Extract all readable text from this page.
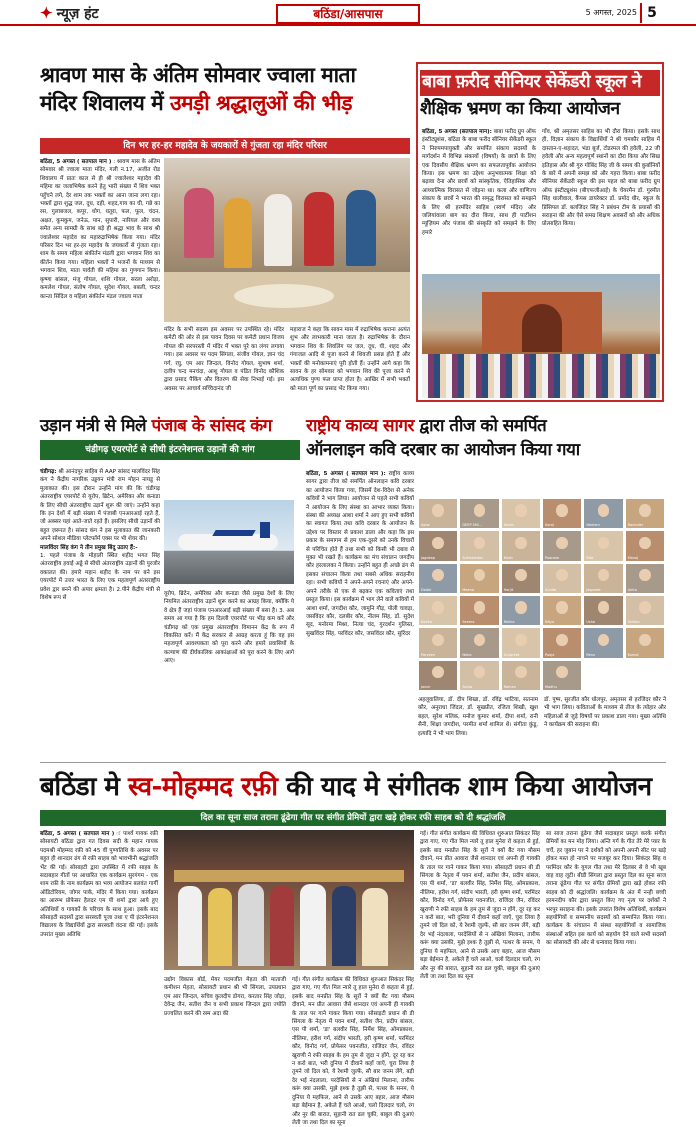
✦ न्यूज़ हंट	बठिंडा/आसपास	5 अगस्त, 2025 5
श्रावण मास के अंतिम सोमवार ज्वाला माता
मंदिर शिवालय में उमड़ी श्रद्धालुओं की भीड़
दिन भर हर-हर महादेव के जयकारों से गुंजता रहा मंदिर परिसर
बठिंडा, 5 अगस्त ( सतपाल मान ) : श्रावण मास के अंतिम सोमवार श्री ज्वाला माता मंदिर, गली न.17, अजीत रोड शिवालय में प्रातः काल से ही श्री ज्वालेश्वर महादेव की महिमा का जलाभिषेक करने हेतु भारी संख्या में शिव भक्त पहुँचने लगे, देर शाम तक भक्तों का आना जाना लगा रहा। भक्तों द्वारा शुद्ध जल, दूध, दही, शहद,गाय का घी, गन्ने का रस, गुलाबजल, कपूर, धोग, धतूरा, फल, फूल, चंदन, अक्षत, कुमकुम, जनेऊ, पान, सुपारी, नारियल और वस्त्र समेत अन्य सामग्री के साथ बड़े ही श्रद्धा भाव के साथ श्री ज्वालेश्वर महादेव का महारुद्राभिषेक किया गया। मंदिर परिसर दिन भर हर-हर महादेव के जयकारों से गुंजता रहा। शाम के समय महिला संकीर्तन मंडली द्वारा भगवान शिव का कीर्तन किया गया। महिला भक्तों ने भजनों के माध्यम से भगवान शिव, माता पार्वती की महिमा का गुणगान किया। कृष्णा बांसल, मंजु गोयल, शशि गोयल, सरला अरोड़ा, कमलेश गोयल, संतोष गोयल, सुदेश गोयल, बबली, चन्दर कान्ता सिंदिल व महिला संकीर्तन मंडल ज्वाला माता
मंदिर के सभी सदस्य इस अवसर पर उपस्थित रहे। मंदिर कमेटी की ओर से इस पावन दिवस पर कमेटी प्रधान विजय गोयल की सरपरस्ती में मंदिर में भक्त पूरे का लंगर लगाया गया। इस अवसर पर पदम सिंगला, संजीव गोयल, ज्ञान चंद गर्ग, रघु, एम आर जिन्दल, विनोद गोयल, सुभाष शर्मा, दलीप चन्द मनचंदा, आशु गोयल व पंडित विनोद कौशिक द्वारा प्रसाद पैकिंग और वितरण की सेवा निभाई गई। इस अवसर पर आचार्य सच्चिदानंद जी
महाराज ने कहा कि सावन मास में रुद्राभिषेक कराना अत्यंत शुभ और लाभकारी माना जाता है। रुद्राभिषेक के दौरान भगवान शिव के शिवलिंग पर जल, दूध, घी, शहद और गंगाजल आदि से पूजा करने से शिवजी प्रसन्न होते हैं और भक्तों की मनोकामनाएं पूरी होती हैं। उन्होंने आगे कहा कि सावन के हर सोमवार को भगवान शिव की पूजा करने से अत्यधिक पुण्य फल प्राप्त होता है। आखिर में सभी भक्तों को माता पूर्ण का प्रसाद भेंट किया गया।
बाबा फ़रीद सीनियर सेकेंडरी स्कूल ने
शैक्षिक भ्रमण का किया आयोजन
बठिंडा, 5 अगस्त (सतपाल मान): बाबा फरीद ग्रुप ऑफ इंस्टीट्यूशंस, बठिंडा के बाबा फरीद सीनियर सेकेंडरी स्कूल ने निरुपमपायुक्ती और समर्पित संकाय सदस्यों के मार्गदर्शन में विभिन्न संकायों (विषयों) के छात्रों के लिए एक दिवसीय शैक्षिक भ्रमण का सफलतापूर्वक आयोजन किया। इस भ्रमण का उद्देश्य अनुभवात्मक शिक्षा को बढ़ावा देना और छात्रों को सांस्कृतिक, ऐतिहासिक और आध्यात्मिक विरासत से जोड़ना था। कला और वाणिज्य संकाय के छात्रों ने भारत की समृद्ध विरासत को समझने के लिए श्री हरमंदिर साहिब (स्वर्ण मंदिर) और जलियांवाला बाग का दौरा किया, साथ ही पार्टीशन म्यूज़ियम और पंजाब की संस्कृति को समझने के लिए हमारे
गाँव, श्री अमृतसर साहिब का भी दौरा किया। इसके साथ ही, विज्ञान संकाय के विद्यार्थियों ने श्री चमकौर साहिब में दास्तान-ए-शहादत, भंडा बूर्ज, टोडरमल की हवेली, 22 जी हवेली और अन्य महत्वपूर्ण स्थानों का दौरा किया और सिख इतिहास और श्री गुरु गोबिंद सिंह जी के समय की कुर्बानियों के बारे में अपनी समझ को और गहरा किया। बाबा फ़रीद सीनियर सेकेंडरी स्कूल की इस पहल को बाबा फ़रीद ग्रुप ऑफ इंस्टीट्यूशंस (बीएफजीआई) के चेयरमैन डॉ. गुरमीत सिंह धालीवाल, कैंपस डायरेक्टर डॉ. प्रमोद धीर, स्कूल के प्रिंसिपल डॉ. बलजिंदर सिंह ने प्रबंधन टीम के प्रयासों की सराहना की और ऐसे समग्र शिक्षण अवसरों को और अधिक प्रोत्साहित किया।
उड़ान मंत्री से मिले पंजाब के सांसद कंग
चंडीगढ़ एयरपोर्ट से सीधी इंटरनेशनल उड़ानों की मांग
चंडीगढ़: श्री आनंदपुर साहिब से AAP सांसद मालविंदर सिंह कंग ने केंद्रीय नागरिक उड्डयन मंत्री राम मोहन नायडू से मुलाकात की। इस दौरान उन्होंने मांग की कि चंडीगढ़ अंतरराष्ट्रीय एयरपोर्ट से यूरोप, ब्रिटेन, अमेरिका और कनाडा के लिए सीधी अंतरराष्ट्रीय उड़ानें शुरू की जाएं। उन्होंने कहा कि इन देशों में बड़ी संख्या में पंजाबी एनआरआई रहते हैं, जो अक्सर यहां आते-जाते रहते हैं। इसलिए सीधी उड़ानों की बहुत ज़रूरत है। सांसद कंग ने इस मुलाकात की जानकारी अपने सोशल मीडिया प्लेटफॉर्म एक्स पर भी शेयर की।
मालविंदर सिंह कंग ने तीन प्रमुख बिंदु उठाए हैं:-
1. पहले पंजाब के मोहाली स्थित शहीद भगत सिंह अंतरराष्ट्रीय हवाई अड्डे से सीधी अंतरराष्ट्रीय उड़ानों की पुरजोर वकालत की। हमारे महान शहीद के नाम पर बने इस एयरपोर्ट में उत्तर भारत के लिए एक महत्वपूर्ण अंतरराष्ट्रीय प्रवेश द्वार बनने की अपार क्षमता है। 2.पीने केंद्रीय मंत्री से विशेष रूप से
यूरोप, ब्रिटेन, अमेरिका और कनाडा जैसे प्रमुख देशों के लिए नियमित अंतरराष्ट्रीय उड़ानें शुरू करने का आग्रह किया, क्योंकि ये वे क्षेत्र हैं जहां पंजाब एनआरआई बड़ी संख्या में बसा है। 3. अब समय आ गया है कि हम दिल्ली एयरपोर्ट पर भीड़ कम करें और चंडीगढ़ को एक प्रमुख अंतरराष्ट्रीय विमानन केंद्र के रूप में विकसित करें। मैं केंद्र सरकार से आग्रह करता हूं कि वह इस महत्वपूर्ण आवश्यकता को पूरा करने और हमारे प्रवासियों के कल्याण की दीर्घकालिक आकांक्षाओं को पूरा करने के लिए आगे आए।
राष्ट्रीय काव्य सागर द्वारा तीज को समर्पित
ऑनलाइन कवि दरबार का आयोजन किया गया
बठिंडा, 5 अगस्त ( सतपाल मान ): राष्ट्रीय काव्य सागर द्वारा तीज को समर्पित ऑनलाइन कवि दरबार का आयोजन किया गया, जिसमें देश-विदेश से अनेक कवियों ने भाग लिया। आयोजन से पहले सभी कवियों ने आयोजन के लिए संस्था का आभार व्यक्त किया। संस्था की अध्यक्ष आशा शर्मा ने आए हुए सभी कवियों का स्वागत किया तथा कवि दरबार के आयोजन के उद्देश्य पर विस्तार से प्रकाश डाला और कहा कि इस प्रकार के समागम से हम एक-दूसरे को उनके विचारों से परिचित होते हैं तथा सभी को किसी भी दबाव से मुक्त भी रखते हैं। कार्यक्रम का मंच संचालन जगदीप कौर हरलालका ने किया। उन्होंने बहुत ही अच्छे ढंग से इसका संचालन किया तथा सबसे अधिक सराहनीय रहा। सभी कवियों ने अपने-अपने रचनाएं और अपने-अपने तरीके से एक से बढ़कर एक कविताएं तथा प्रस्तुत किया। इस कार्यक्रम में भाग लेने वाले कवियों में आशा शर्मा, जगदीश कौर, जामुनि गौड़, पोली चावड़ा, जसविंदर कौर, दलबीर कौर, नीलम सिंह, डॉ. सुदेश सूद, मनोरमा मिश्रा, नित्या चंद, गुरदर्शन गुलिस्त, सुखविंदर सिंह, परविंदर कौर, जसविंदर कौर, सुरिंदर
Asha	DEEP SHI...	Aman	Saroj	Neelam	Ravinder
Jagdeep	Sukhwinder	Kiran	Poonam	Rita	Manoj
Dalbir	Meena	Harjit	Sunita	Jaspreet	Anita
Kavita	Seema	Rekha	Nitya	Usha	Shikha
Parveen	Neha	Gurpreet	Pooja	Renu	Komal
Jasvir	Sonia	Raman	Madhu
अहलूवालिया, डॉ. दीप शिखा, डॉ. रविंद्र भाटिया, सतनाम कौर, अनुराधा जिंदल, डॉ. सुखप्रीत, रजिता शिखी, खुश बहल, सुरेश मलिक, मनोज कुमार शर्मा, दीपा शर्मा, रानी सैनी, शिक्षा जगदीश, परमीत शर्मा शामिल थे। संगीता कुंडू, इत्यादि ने भी भाग लिया।
डॉ. पुष्प, सुरजीत कौर धोलपुर, अमृतसर से हरजिंदर कौर ने भी भाग लिया। कविताओं के माध्यम से तीज के त्योहार और महिलाओं से जुड़े विषयों पर प्रकाश डाला गया। मुख्य अतिथि ने कार्यक्रम की सराहना की।
बठिंडा मे स्व-मोहम्मद रफ़ी की याद मे संगीतक शाम किया आयोजन
दिल का सूना साज तराना ढूंढेगा गीत पर संगीत प्रेमियों द्वारा खड़े होकर रफी साहब को दी श्रद्धांजलि
बठिंडा, 5 अगस्त ( सतपाल मान ) ः पार्श्व गायक रफ़ी सोसायटी बठिंडा द्वारा गत दिवस सदी के महान गायक पदमश्री मोहम्मद रफ़ी को 45 वीं पुण्यतिथि के अवसर पर बहुत ही शानदार ढंग से रफ़ी साहब को भावभीनी श्रद्धांजलि भेंट की गई। सोसाइटी द्वारा उपस्थित में रफी साहब के सदाबहार गीतों पर आधारित एक कार्यक्रम सुरगंगम - एक शाम रफ़ी के नाम कार्यक्रम का भव्य आयोजन बलवंत गार्गी ऑडिटोरियम, जोगर पार्क, मंदिर में किया गया। कार्यक्रम का आरम्भ प्रोफेसर हैलदर एम पी शर्मा द्वारा आये हुए अतिथियों व गायकों के परिचय के साथ हुआ। इसके बाद सोसाइटी सदस्यों द्वारा सरस्वती पूजा तथा ए पी इंटरनेशनल विद्यालय के विद्यार्थियों द्वारा सरस्वती वंदना की गई। इसके उपरांत मुख्य अतिथि
उद्योग विकास बोर्ड, मेयर पदमजीत मेहता की माताजी कमीशन मेहता, सोसायटी प्रधान श्री भी सिंगला, उपप्रधान एम आर जिन्दल, सचिव कुलदीप डोगरा, करतार सिंह जोड़ा, देवेन्द्र जैन, सतीश जैन व सभी प्रकाश जिन्दल द्वारा ज्योति प्रज्वलित करने की रस्म अदा की
गई। गीत संगीत कार्यक्रम की विधिवत शुरुआत सिकंदर सिंह द्वारा गाए, गए गीत मिल न्यारे तू हाल मुनेरा रो कहता से हुई, इसके बाद मनप्रीत सिंह के सुरों ने क्यों बैंट गया मौसम दीवाने, मन प्रीत आवारा जैसे शानदार एवं अपनी ही गायकी के ताल पर गाने गाकर किया गया। सोसाइटी प्रधान बी डी सिंगला के नेतृत्व में पवन शर्मा, सतीश जैन, प्रदीप बांसल, एस पी शर्मा, 'डा' बलवीर सिंह, निर्मेश सिंह, ओमप्रकाश, नीलिमा, हरीश गर्ग, संदीप भारती, हरी कृष्ण शर्मा, परमिंदर कौर, विनोद गर्ग, प्रोफेसर पवनजीत, राजिंदर जैन, रविंदर खुराणी ने रफी साहब के हम तुम से जुदा न होंगे, दूर रह कर न करो बात, भरी दुनिया में दीवाने कहाँ जाएँ, चुरा लिया है तुमने जो दिल को, ये रेशमी जुल्फें, सौ बार जनम लेंगे, बड़ी देर भई नंदलाला, परदेसियों से न अंखियां मिलाना, तारीफ करूं क्या उसकी, मुझे इश्क है तुझी से, पत्थर के सनम, ये दुनिया ये महफिल, आने से उसके आए बहार, आज मौसम बड़ा बेईमान है, अकेले हैं चले आओ, चलो दिलदार चलो, रंग और नूर की बारात, सुहानी रात ढल चुकी, बाबुल की दुआएं लेती जा तथा दिल का सूना
गई। गीत संगीत कार्यक्रम की विधिवत शुरुआत सिकंदर सिंह द्वारा गाए, गए गीत मिल न्यारे तू हाल मुनेरा रो कहता से हुई, इसके बाद मनप्रीत सिंह के सुरों ने क्यों बैंट गया मौसम दीवाने, मन प्रीत आवारा जैसे शानदार एवं अपनी ही गायकी के ताल पर गाने गाकर किया गया। सोसाइटी प्रधान बी डी सिंगला के नेतृत्व में पवन शर्मा, सतीश जैन, प्रदीप बांसल, एस पी शर्मा, 'डा' बलवीर सिंह, निर्मेश सिंह, ओमप्रकाश, नीलिमा, हरीश गर्ग, संदीप भारती, हरी कृष्ण शर्मा, परमिंदर कौर, विनोद गर्ग, प्रोफेसर पवनजीत, राजिंदर जैन, रविंदर खुराणी ने रफी साहब के हम तुम से जुदा न होंगे, दूर रह कर न करो बात, भरी दुनिया में दीवाने कहाँ जाएँ, चुरा लिया है तुमने जो दिल को, ये रेशमी जुल्फें, सौ बार जनम लेंगे, बड़ी देर भई नंदलाला, परदेसियों से न अंखियां मिलाना, तारीफ करूं क्या उसकी, मुझे इश्क है तुझी से, पत्थर के सनम, ये दुनिया ये महफिल, आने से उसके आए बहार, आज मौसम बड़ा बेईमान है, अकेले हैं चले आओ, चलो दिलदार चलो, रंग और नूर की बारात, सुहानी रात ढल चुकी, बाबुल की दुआएं लेती जा तथा दिल का सूना
सा साज तराना ढूंढेगा जैसे सदाबहार प्रस्तुत करके संगीत प्रेमियों का मन मोह लिया। अन्ति गर्ग के गीत तेरे मेरे प्यार के चर्चे, हर जुबान पर ने दर्शकों को अपनी अपनी सीट पर खड़े होकर मस्त हो नाचने पर मजबूर कर दिया। सिकंदर सिंह व परमिंदर कौर के युगल गीत तथा मेरे दिलबर से वे भी खूब वाह वाह लूटी। बीडी सिंगला द्वारा प्रस्तुत दिल का सूना साज तराना ढूंढेगा गीत पर संगीत प्रेमियों द्वारा खड़े होकर रफी साहब को दी श्रद्धांजलि। कार्यक्रम के अंत में नन्ही बच्ची हरमनदीप कौर द्वारा प्रस्तुत किए गए नृत्य पर दर्शकों ने भरपूर सराहना की। इसके उपरांत विशेष अतिथियों, कार्यक्रम सहयोगियों व सम्मानीय सदस्यों को सम्मानित किया गया। कार्यक्रम के संचालन में संस्था सहयोगियों व सामाजिक संस्थाओं सहित इस कार्य को सहयोग देने वाले सभी सदस्यों का सोसायटी की ओर से धन्यवाद किया गया।
